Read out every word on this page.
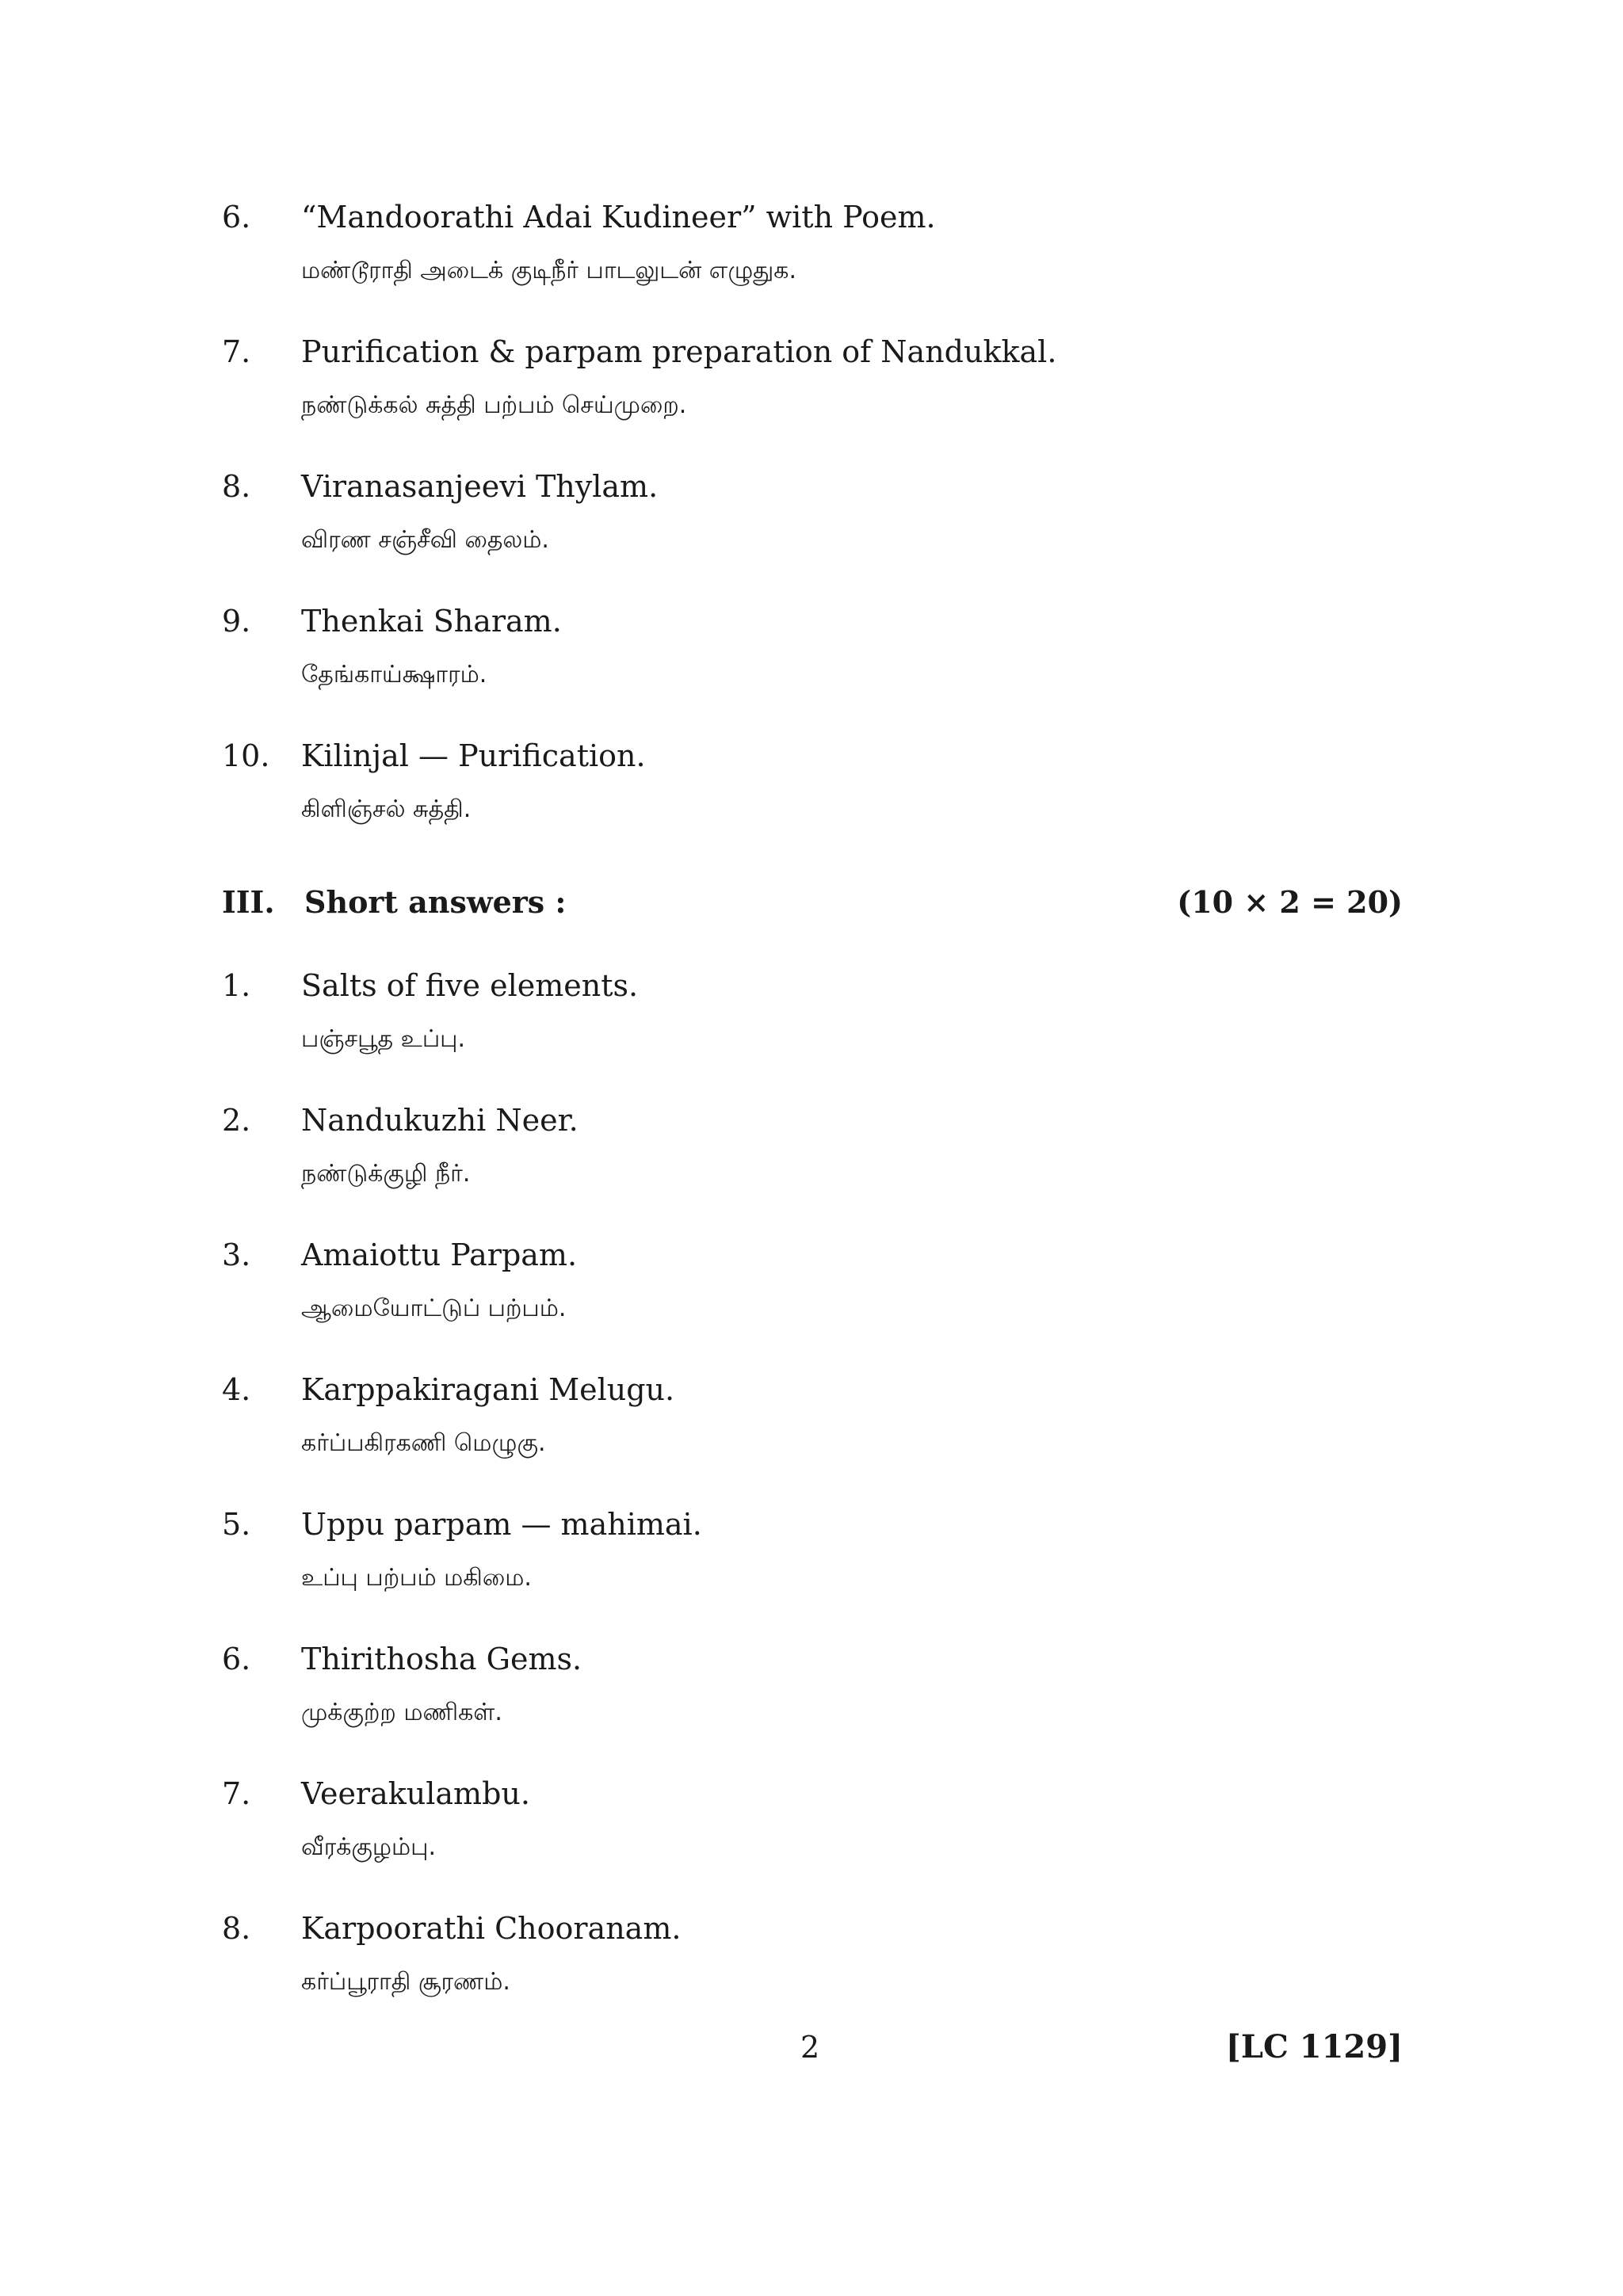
6. “Mandoorathi Adai Kudineer” with Poem.
மண்டூராதி அடைக் குடிநீர் பாடலுடன் எழுதுக.
7. Purification & parpam preparation of Nandukkal.
நண்டுக்கல் சுத்தி பற்பம் செய்முறை.
8. Viranasanjeevi Thylam.
விரண சஞ்சீவி தைலம்.
9. Thenkai Sharam.
தேங்காய்க்ஷாரம்.
10. Kilinjal — Purification.
கிளிஞ்சல் சுத்தி.
III. Short answers :	(10 × 2 = 20)
1. Salts of five elements.
பஞ்சபூத உப்பு.
2. Nandukuzhi Neer.
நண்டுக்குழி நீர்.
3. Amaiottu Parpam.
ஆமையோட்டுப் பற்பம்.
4. Karppakiragani Melugu.
கர்ப்பகிரகணி மெழுகு.
5. Uppu parpam — mahimai.
உப்பு பற்பம் மகிமை.
6. Thirithosha Gems.
முக்குற்ற மணிகள்.
7. Veerakulambu.
வீரக்குழம்பு.
8. Karpoorathi Chooranam.
கர்ப்பூராதி சூரணம்.
2	[LC 1129]
